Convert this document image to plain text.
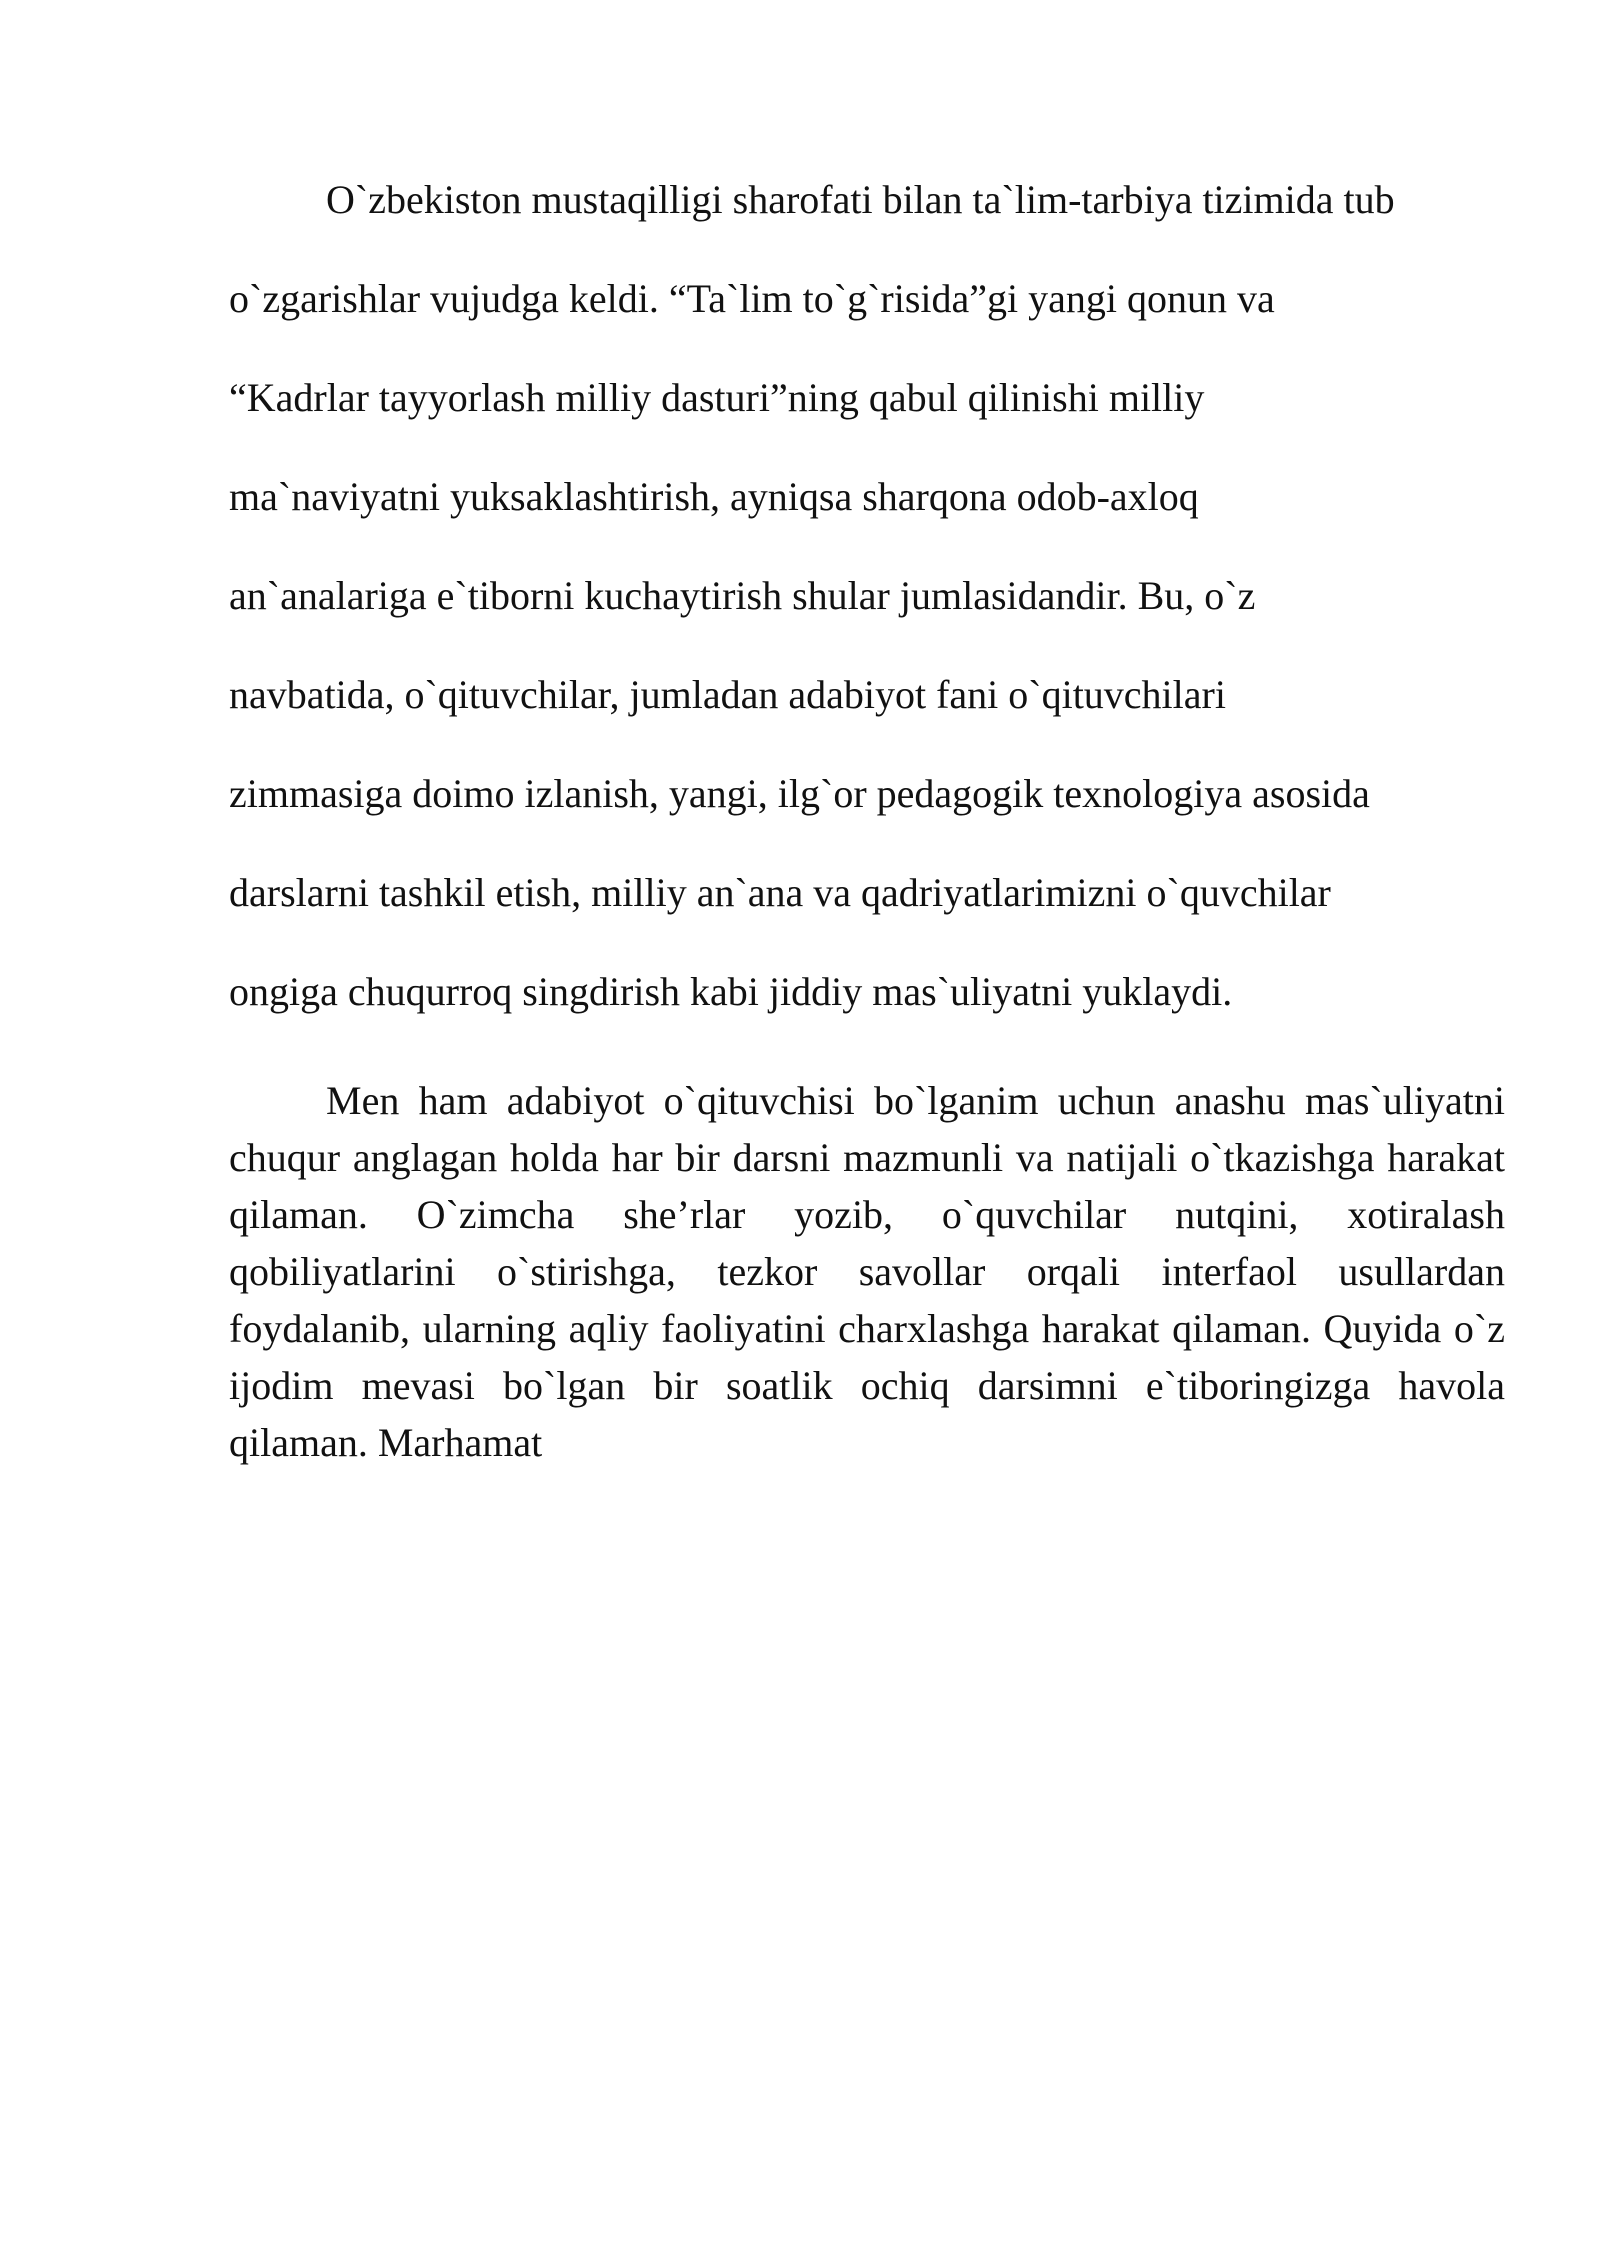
O`zbekiston mustaqilligi sharofati bilan ta`lim-tarbiya tizimida tub
o`zgarishlar vujudga keldi. “Ta`lim to`g`risida”gi yangi qonun va
“Kadrlar tayyorlash milliy dasturi”ning qabul qilinishi milliy
ma`naviyatni yuksaklashtirish, ayniqsa sharqona odob-axloq
an`analariga e`tiborni kuchaytirish shular jumlasidandir. Bu, o`z
navbatida, o`qituvchilar, jumladan adabiyot fani o`qituvchilari
zimmasiga doimo izlanish, yangi, ilg`or pedagogik texnologiya asosida
darslarni tashkil etish, milliy an`ana va qadriyatlarimizni o`quvchilar
ongiga chuqurroq singdirish kabi jiddiy mas`uliyatni yuklaydi.

Men ham adabiyot o`qituvchisi bo`lganim uchun anashu mas`uliyatni chuqur anglagan holda har bir darsni mazmunli va natijali o`tkazishga harakat qilaman. O`zimcha she’rlar yozib, o`quvchilar nutqini, xotiralash qobiliyatlarini o`stirishga, tezkor savollar orqali interfaol usullardan foydalanib, ularning aqliy faoliyatini charxlashga harakat qilaman. Quyida o`z ijodim mevasi bo`lgan bir soatlik ochiq darsimni e`tiboringizga havola qilaman. Marhamat
